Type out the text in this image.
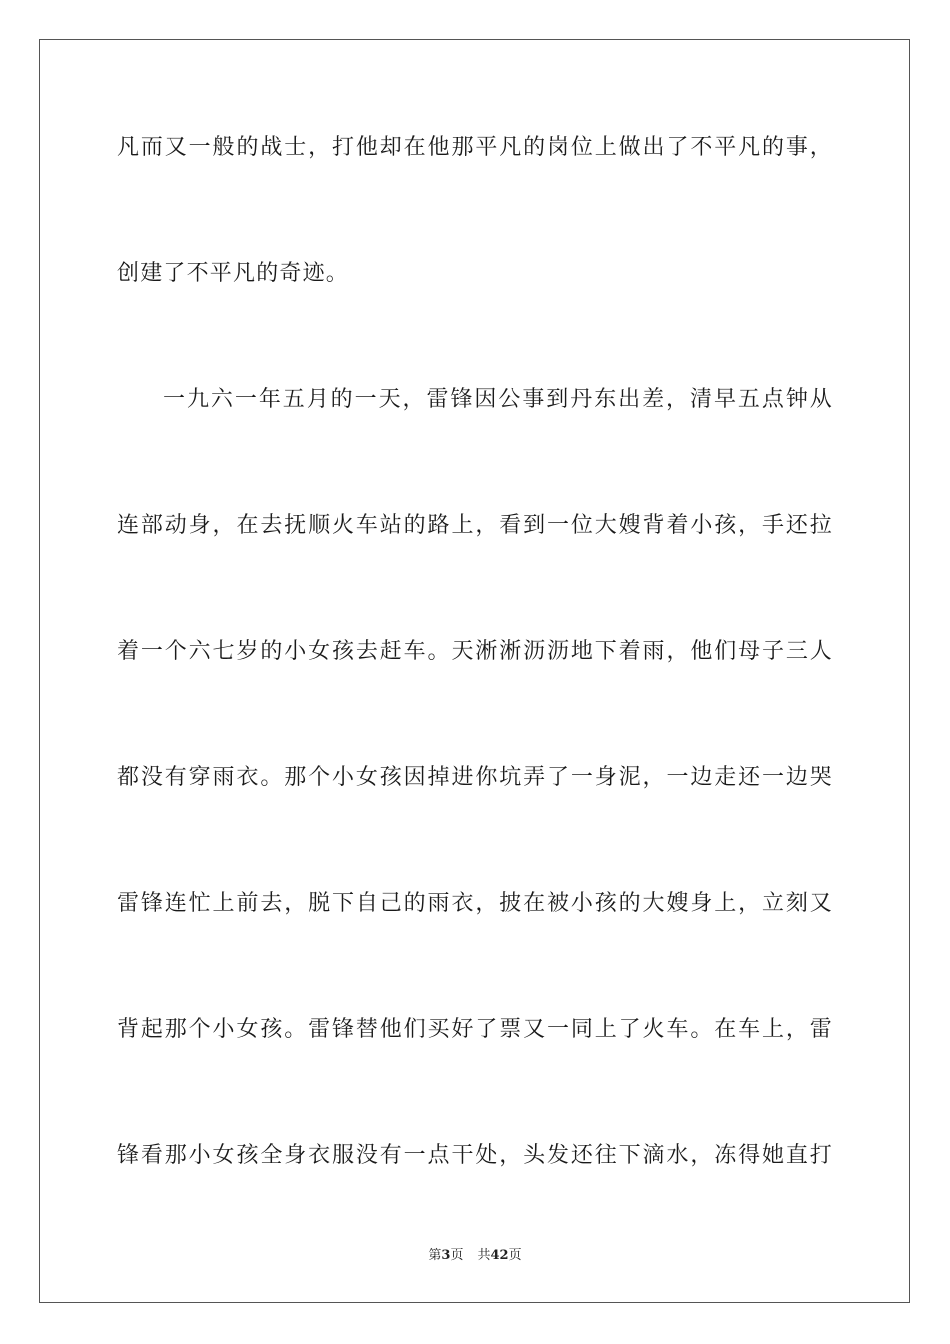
凡而又一般的战士，打他却在他那平凡的岗位上做出了不平凡的事，
创建了不平凡的奇迹。
一九六一年五月的一天，雷锋因公事到丹东出差，清早五点钟从
连部动身，在去抚顺火车站的路上，看到一位大嫂背着小孩，手还拉
着一个六七岁的小女孩去赶车。天淅淅沥沥地下着雨，他们母子三人
都没有穿雨衣。那个小女孩因掉进你坑弄了一身泥，一边走还一边哭
雷锋连忙上前去，脱下自己的雨衣，披在被小孩的大嫂身上，立刻又
背起那个小女孩。雷锋替他们买好了票又一同上了火车。在车上，雷
锋看那小女孩全身衣服没有一点干处，头发还往下滴水，冻得她直打
第3页 共42页
